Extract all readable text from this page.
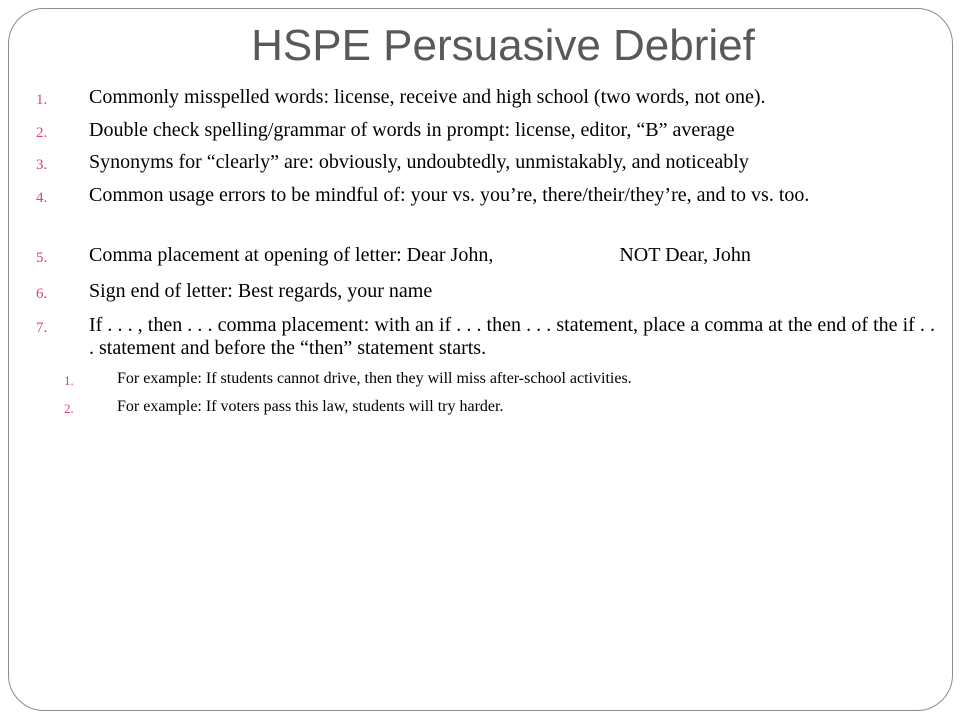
HSPE Persuasive Debrief
1. Commonly misspelled words: license, receive and high school (two words, not one).
2. Double check spelling/grammar of words in prompt: license, editor, “B” average
3. Synonyms for “clearly” are: obviously, undoubtedly, unmistakably, and noticeably
4. Common usage errors to be mindful of: your vs. you’re, there/their/they’re, and to vs. too.
5. Comma placement at opening of letter: Dear John,	NOT Dear, John
6. Sign end of letter: Best regards, your name
7. If . . . , then . . . comma placement: with an if . . . then . . . statement, place a comma at the end of the if . . . statement and before the “then” statement starts.
1.	For example: If students cannot drive, then they will miss after-school activities.
2.	For example: If voters pass this law, students will try harder.
